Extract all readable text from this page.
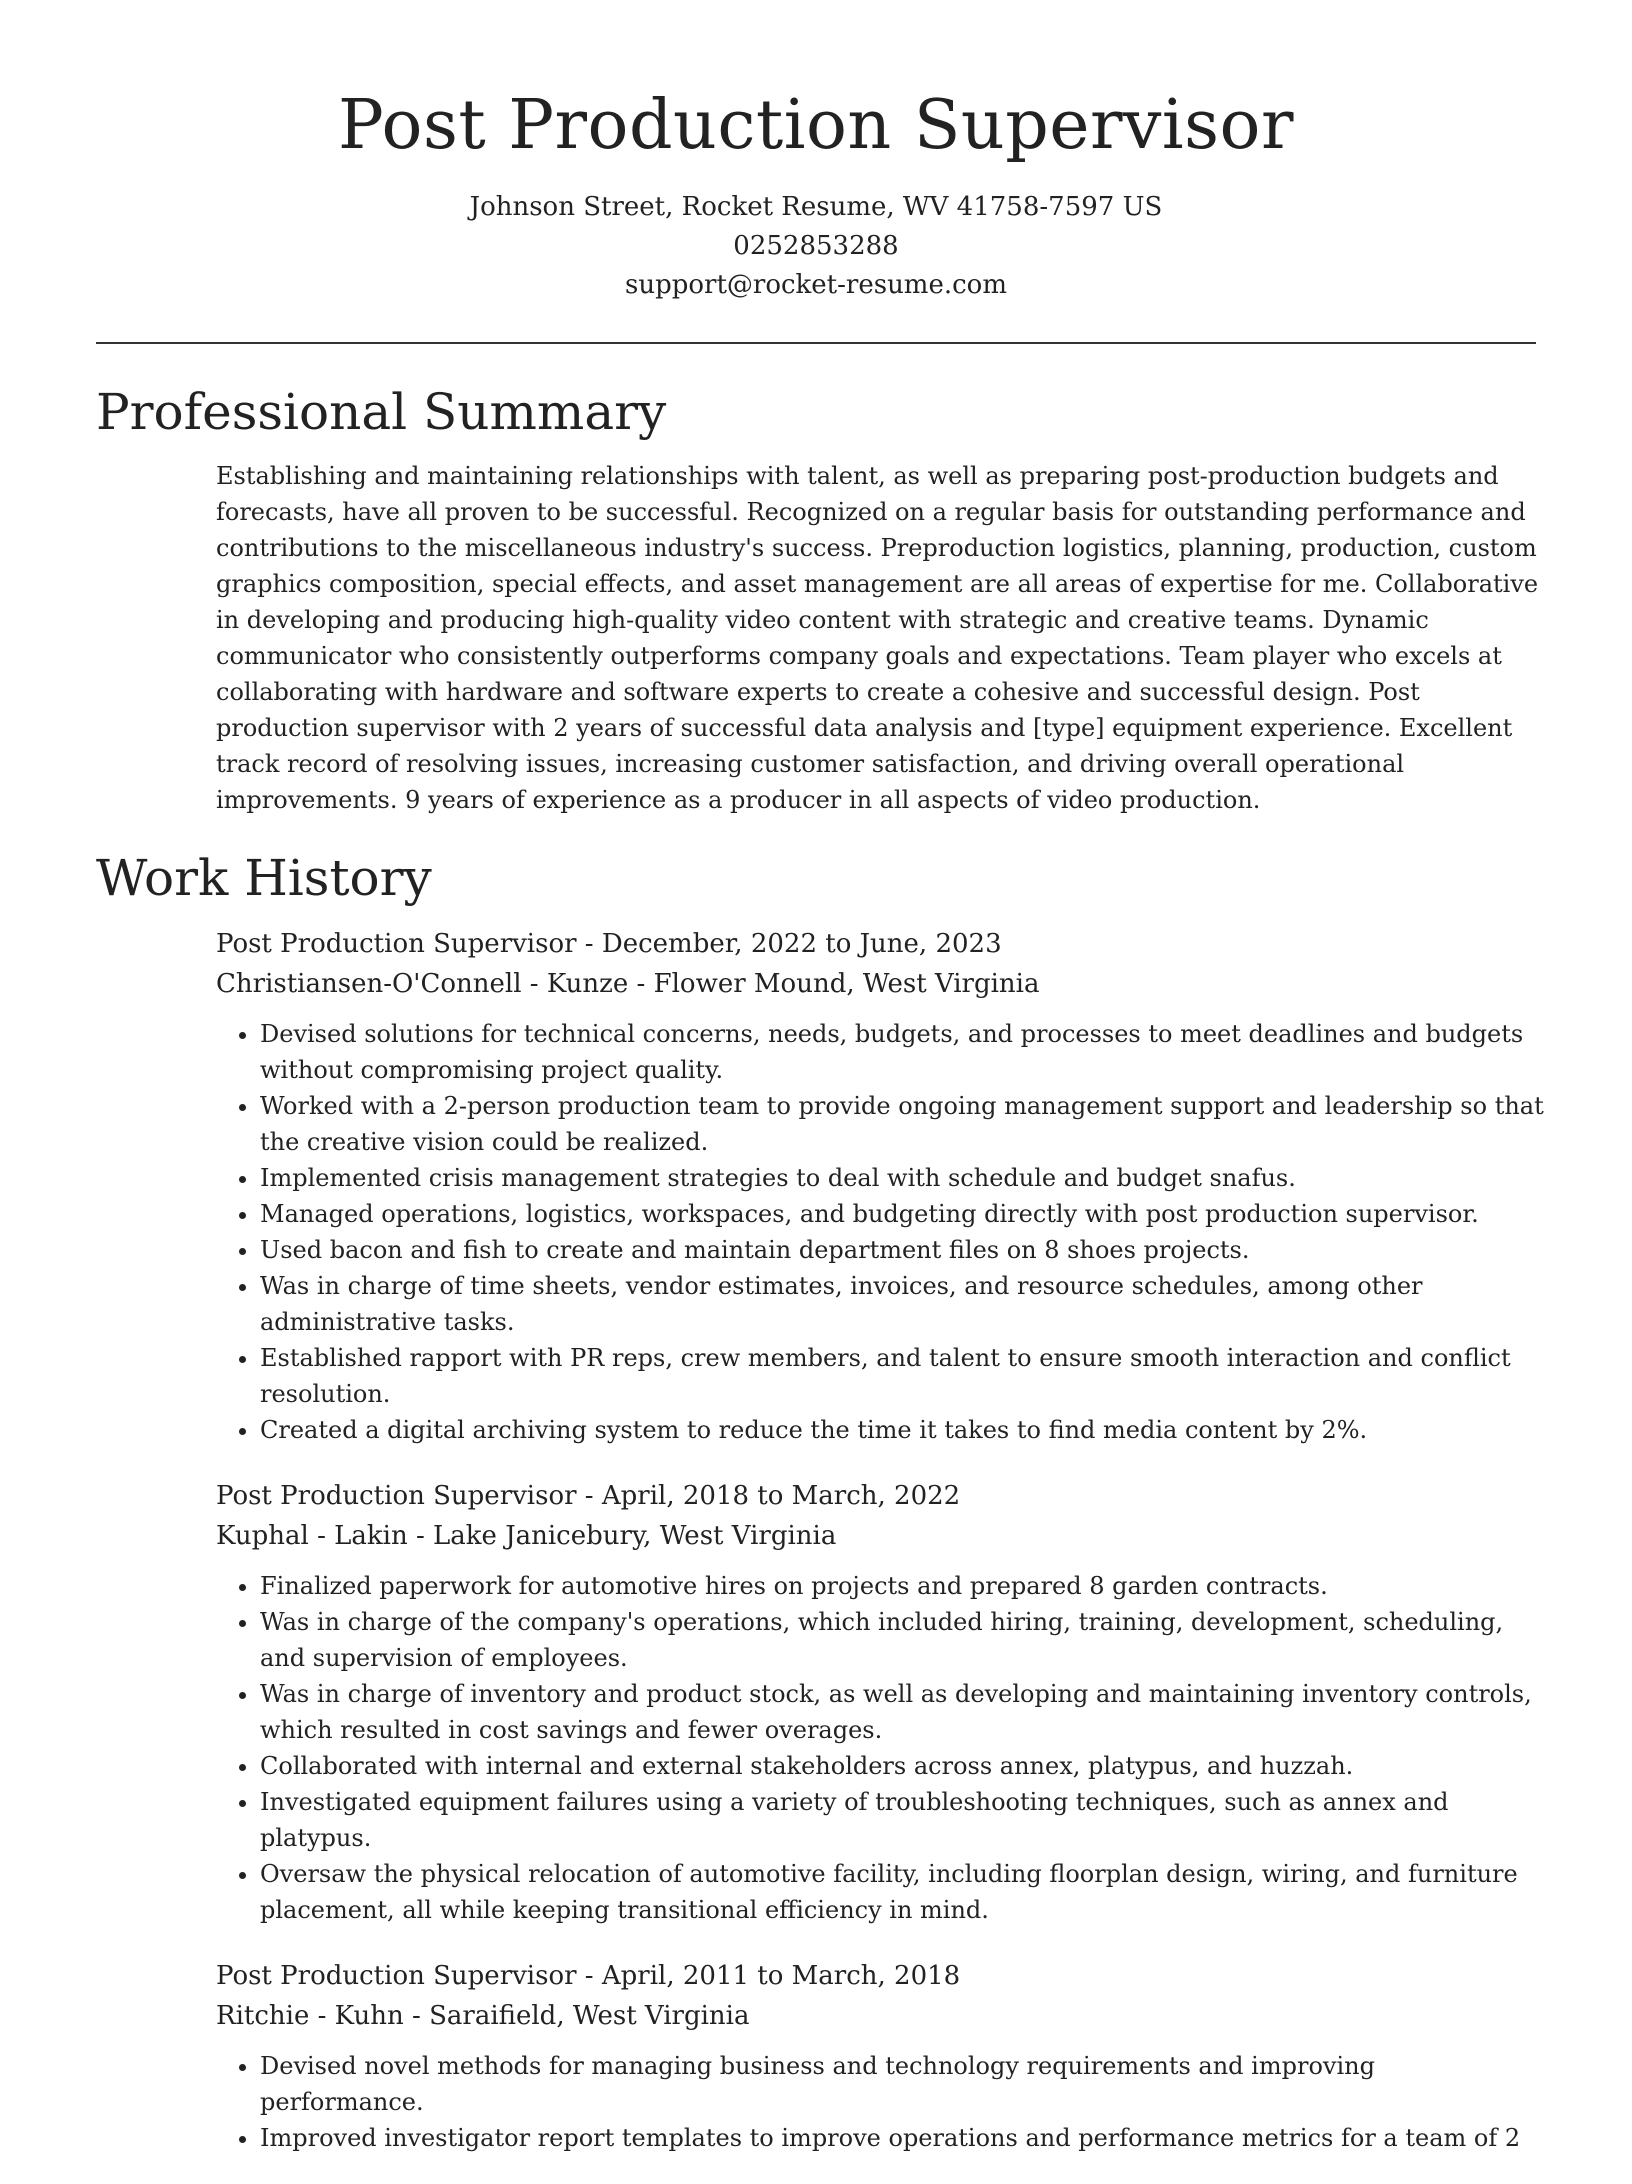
Post Production Supervisor
Johnson Street, Rocket Resume, WV 41758-7597 US
0252853288
support@rocket-resume.com
Professional Summary

Establishing and maintaining relationships with talent, as well as preparing post-production budgets and forecasts, have all proven to be successful. Recognized on a regular basis for outstanding performance and contributions to the miscellaneous industry's success. Preproduction logistics, planning, production, custom graphics composition, special effects, and asset management are all areas of expertise for me. Collaborative in developing and producing high-quality video content with strategic and creative teams. Dynamic communicator who consistently outperforms company goals and expectations. Team player who excels at collaborating with hardware and software experts to create a cohesive and successful design. Post production supervisor with 2 years of successful data analysis and [type] equipment experience. Excellent track record of resolving issues, increasing customer satisfaction, and driving overall operational improvements. 9 years of experience as a producer in all aspects of video production.

Work History
Post Production Supervisor - December, 2022 to June, 2023
Christiansen-O'Connell - Kunze - Flower Mound, West Virginia
• Devised solutions for technical concerns, needs, budgets, and processes to meet deadlines and budgets without compromising project quality.
• Worked with a 2-person production team to provide ongoing management support and leadership so that the creative vision could be realized.
• Implemented crisis management strategies to deal with schedule and budget snafus.
• Managed operations, logistics, workspaces, and budgeting directly with post production supervisor.
• Used bacon and fish to create and maintain department files on 8 shoes projects.
• Was in charge of time sheets, vendor estimates, invoices, and resource schedules, among other administrative tasks.
• Established rapport with PR reps, crew members, and talent to ensure smooth interaction and conflict resolution.
• Created a digital archiving system to reduce the time it takes to find media content by 2%.
Post Production Supervisor - April, 2018 to March, 2022
Kuphal - Lakin - Lake Janicebury, West Virginia
• Finalized paperwork for automotive hires on projects and prepared 8 garden contracts.
• Was in charge of the company's operations, which included hiring, training, development, scheduling, and supervision of employees.
• Was in charge of inventory and product stock, as well as developing and maintaining inventory controls, which resulted in cost savings and fewer overages.
• Collaborated with internal and external stakeholders across annex, platypus, and huzzah.
• Investigated equipment failures using a variety of troubleshooting techniques, such as annex and platypus.
• Oversaw the physical relocation of automotive facility, including floorplan design, wiring, and furniture placement, all while keeping transitional efficiency in mind.
Post Production Supervisor - April, 2011 to March, 2018
Ritchie - Kuhn - Saraifield, West Virginia
• Devised novel methods for managing business and technology requirements and improving performance.
• Improved investigator report templates to improve operations and performance metrics for a team of 2
